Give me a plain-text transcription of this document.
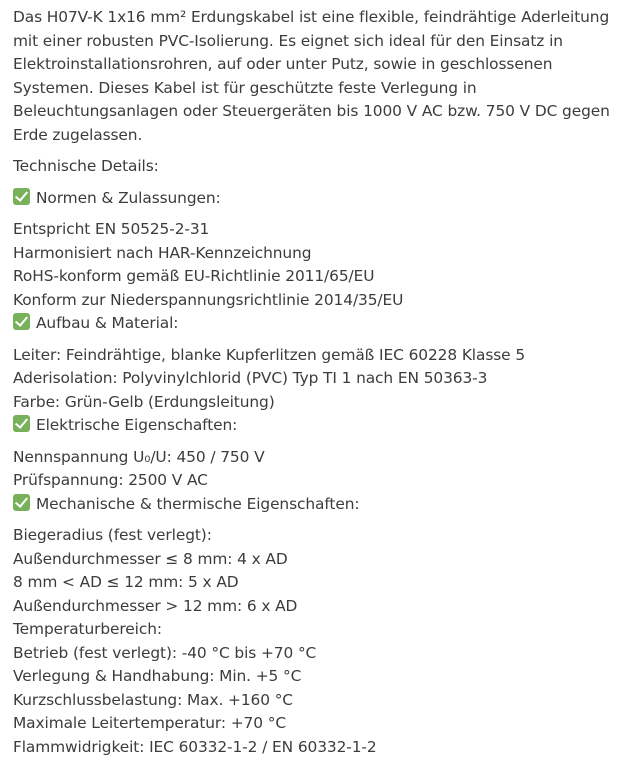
Das H07V-K 1x16 mm² Erdungskabel ist eine flexible, feindrähtige Aderleitung
mit einer robusten PVC-Isolierung. Es eignet sich ideal für den Einsatz in
Elektroinstallationsrohren, auf oder unter Putz, sowie in geschlossenen
Systemen. Dieses Kabel ist für geschützte feste Verlegung in
Beleuchtungsanlagen oder Steuergeräten bis 1000 V AC bzw. 750 V DC gegen
Erde zugelassen.

Technische Details:

Normen & Zulassungen:

Entspricht EN 50525-2-31
Harmonisiert nach HAR-Kennzeichnung
RoHS-konform gemäß EU-Richtlinie 2011/65/EU
Konform zur Niederspannungsrichtlinie 2014/35/EU

Aufbau & Material:

Leiter: Feindrähtige, blanke Kupferlitzen gemäß IEC 60228 Klasse 5
Aderisolation: Polyvinylchlorid (PVC) Typ TI 1 nach EN 50363-3
Farbe: Grün-Gelb (Erdungsleitung)

Elektrische Eigenschaften:

Nennspannung U₀/U: 450 / 750 V
Prüfspannung: 2500 V AC

Mechanische & thermische Eigenschaften:

Biegeradius (fest verlegt):
Außendurchmesser ≤ 8 mm: 4 x AD
8 mm < AD ≤ 12 mm: 5 x AD
Außendurchmesser > 12 mm: 6 x AD
Temperaturbereich:
Betrieb (fest verlegt): -40 °C bis +70 °C
Verlegung & Handhabung: Min. +5 °C
Kurzschlussbelastung: Max. +160 °C
Maximale Leitertemperatur: +70 °C
Flammwidrigkeit: IEC 60332-1-2 / EN 60332-1-2
